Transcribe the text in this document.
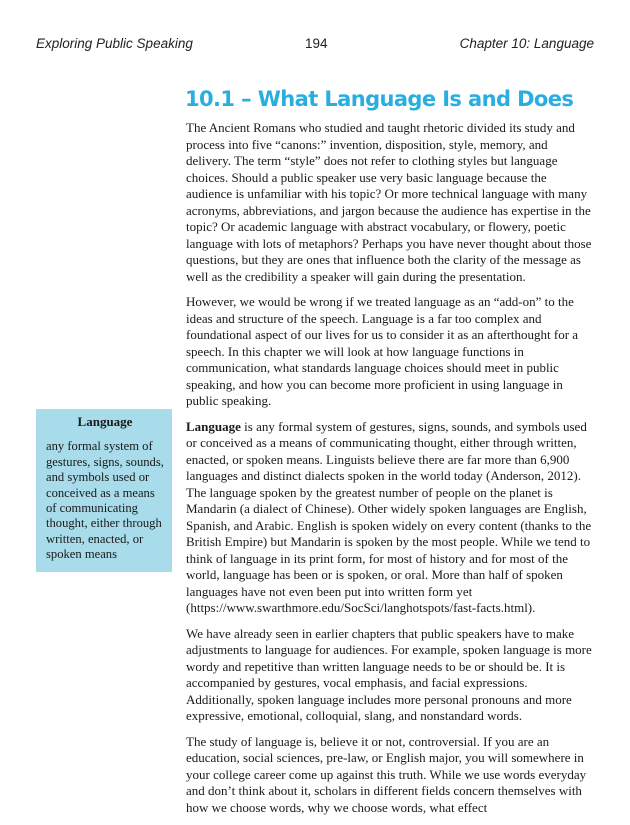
Exploring Public Speaking	194	Chapter 10: Language
10.1 – What Language Is and Does

The Ancient Romans who studied and taught rhetoric divided its study and process into five “canons:” invention, disposition, style, memory, and delivery. The term “style” does not refer to clothing styles but language choices. Should a public speaker use very basic language because the audience is unfamiliar with his topic? Or more technical language with many acronyms, abbreviations, and jargon because the audience has expertise in the topic? Or academic language with abstract vocabulary, or flowery, poetic language with lots of metaphors? Perhaps you have never thought about those questions, but they are ones that influence both the clarity of the message as well as the credibility a speaker will gain during the presentation.

However, we would be wrong if we treated language as an “add-on” to the ideas and structure of the speech. Language is a far too complex and foundational aspect of our lives for us to consider it as an afterthought for a speech. In this chapter we will look at how language functions in communication, what standards language choices should meet in public speaking, and how you can become more proficient in using language in public speaking.

Language is any formal system of gestures, signs, sounds, and symbols used or conceived as a means of communicating thought, either through written, enacted, or spoken means. Linguists believe there are far more than 6,900 languages and distinct dialects spoken in the world today (Anderson, 2012). The language spoken by the greatest number of people on the planet is Mandarin (a dialect of Chinese). Other widely spoken languages are English, Spanish, and Arabic. English is spoken widely on every content (thanks to the British Empire) but Mandarin is spoken by the most people. While we tend to think of language in its print form, for most of history and for most of the world, language has been or is spoken, or oral. More than half of spoken languages have not even been put into written form yet (https://www.swarthmore.edu/SocSci/langhotspots/fast-facts.html).

We have already seen in earlier chapters that public speakers have to make adjustments to language for audiences. For example, spoken language is more wordy and repetitive than written language needs to be or should be. It is accompanied by gestures, vocal emphasis, and facial expressions. Additionally, spoken language includes more personal pronouns and more expressive, emotional, colloquial, slang, and nonstandard words.

The study of language is, believe it or not, controversial. If you are an education, social sciences, pre-law, or English major, you will somewhere in your college career come up against this truth. While we use words everyday and don’t think about it, scholars in different fields concern themselves with how we choose words, why we choose words, what effect

Language

any formal system of gestures, signs, sounds, and symbols used or conceived as a means of communicating thought, either through written, enacted, or spoken means
